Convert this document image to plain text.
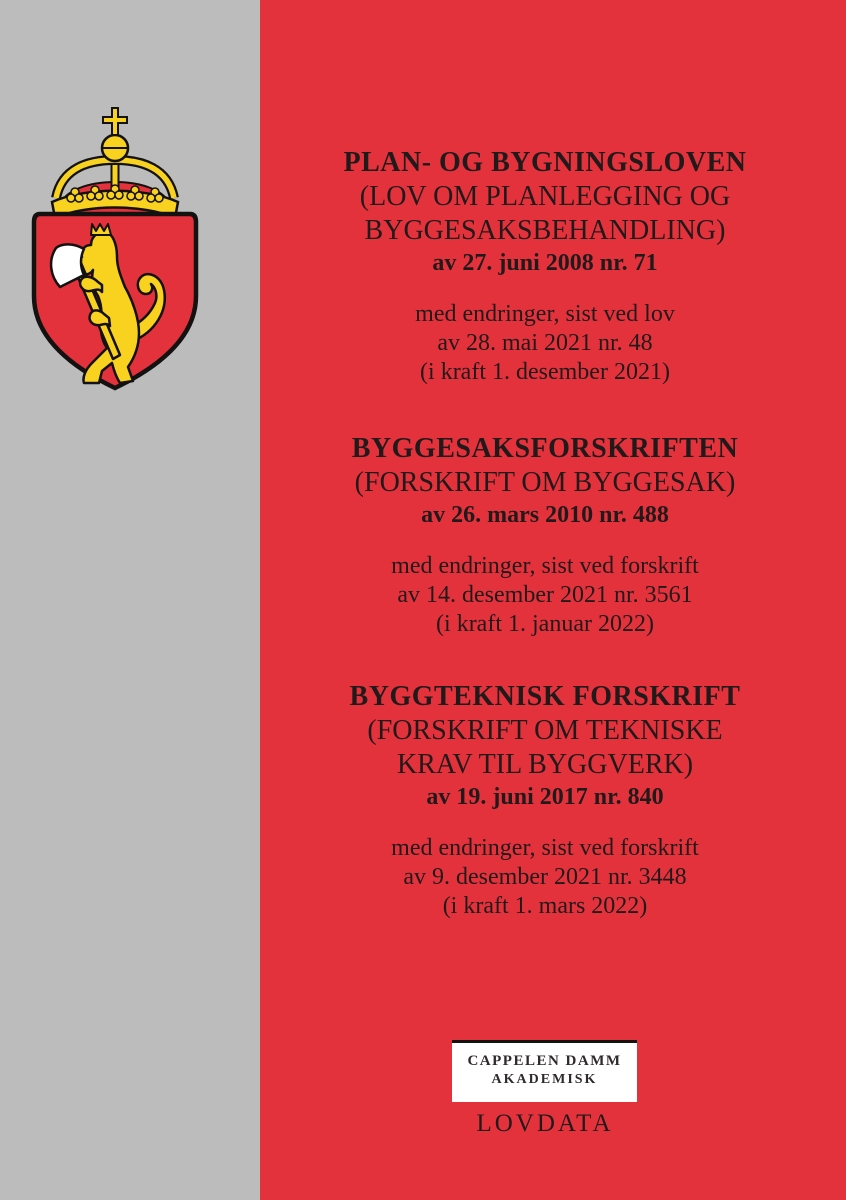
PLAN- OG BYGNINGSLOVEN
(LOV OM PLANLEGGING OG
BYGGESAKSBEHANDLING)
av 27. juni 2008 nr. 71
med endringer, sist ved lov
av 28. mai 2021 nr. 48
(i kraft 1. desember 2021)
BYGGESAKSFORSKRIFTEN
(FORSKRIFT OM BYGGESAK)
av 26. mars 2010 nr. 488
med endringer, sist ved forskrift
av 14. desember 2021 nr. 3561
(i kraft 1. januar 2022)
BYGGTEKNISK FORSKRIFT
(FORSKRIFT OM TEKNISKE
KRAV TIL BYGGVERK)
av 19. juni 2017 nr. 840
med endringer, sist ved forskrift
av 9. desember 2021 nr. 3448
(i kraft 1. mars 2022)
CAPPELEN DAMM
AKADEMISK
LOVDATA
